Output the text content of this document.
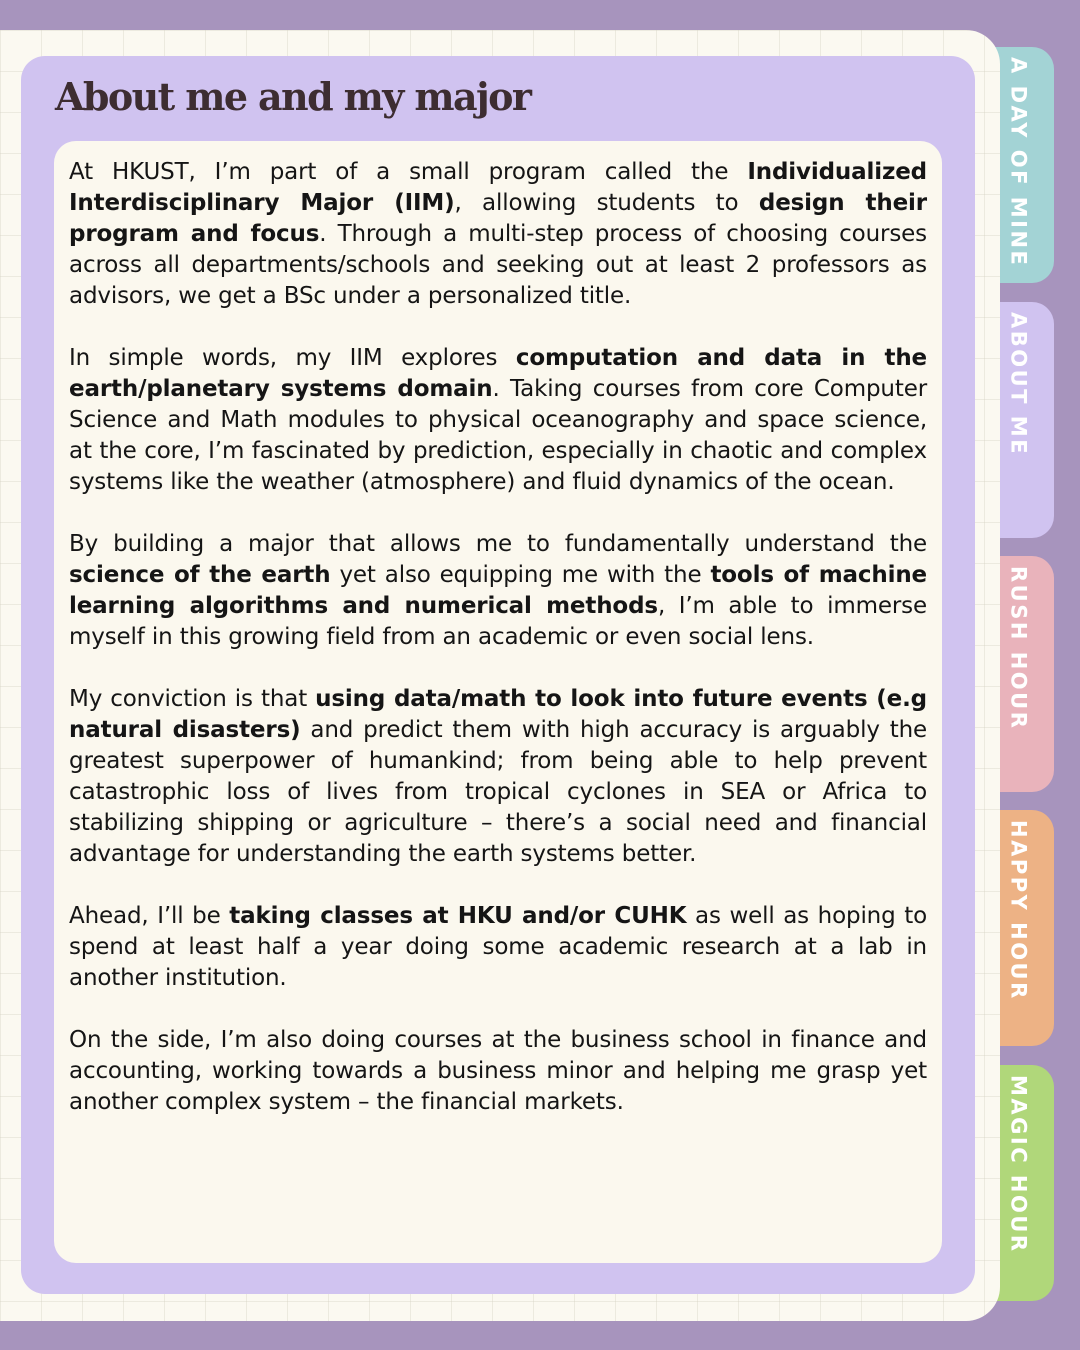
A DAY OF MINE
ABOUT ME
RUSH HOUR
HAPPY HOUR
MAGIC HOUR
About me and my major

At HKUST, I’m part of a small program called the Individualized Interdisciplinary Major (IIM), allowing students to design their program and focus. Through a multi-step process of choosing courses across all departments/schools and seeking out at least 2 professors as advisors, we get a BSc under a personalized title.

In simple words, my IIM explores computation and data in the earth/planetary systems domain. Taking courses from core Computer Science and Math modules to physical oceanography and space science, at the core, I’m fascinated by prediction, especially in chaotic and complex systems like the weather (atmosphere) and fluid dynamics of the ocean.

By building a major that allows me to fundamentally understand the science of the earth yet also equipping me with the tools of machine learning algorithms and numerical methods, I’m able to immerse myself in this growing field from an academic or even social lens.

My conviction is that using data/math to look into future events (e.g natural disasters) and predict them with high accuracy is arguably the greatest superpower of humankind; from being able to help prevent catastrophic loss of lives from tropical cyclones in SEA or Africa to stabilizing shipping or agriculture – there’s a social need and financial advantage for understanding the earth systems better.

Ahead, I’ll be taking classes at HKU and/or CUHK as well as hoping to spend at least half a year doing some academic research at a lab in another institution.

On the side, I’m also doing courses at the business school in finance and accounting, working towards a business minor and helping me grasp yet another complex system – the financial markets.
